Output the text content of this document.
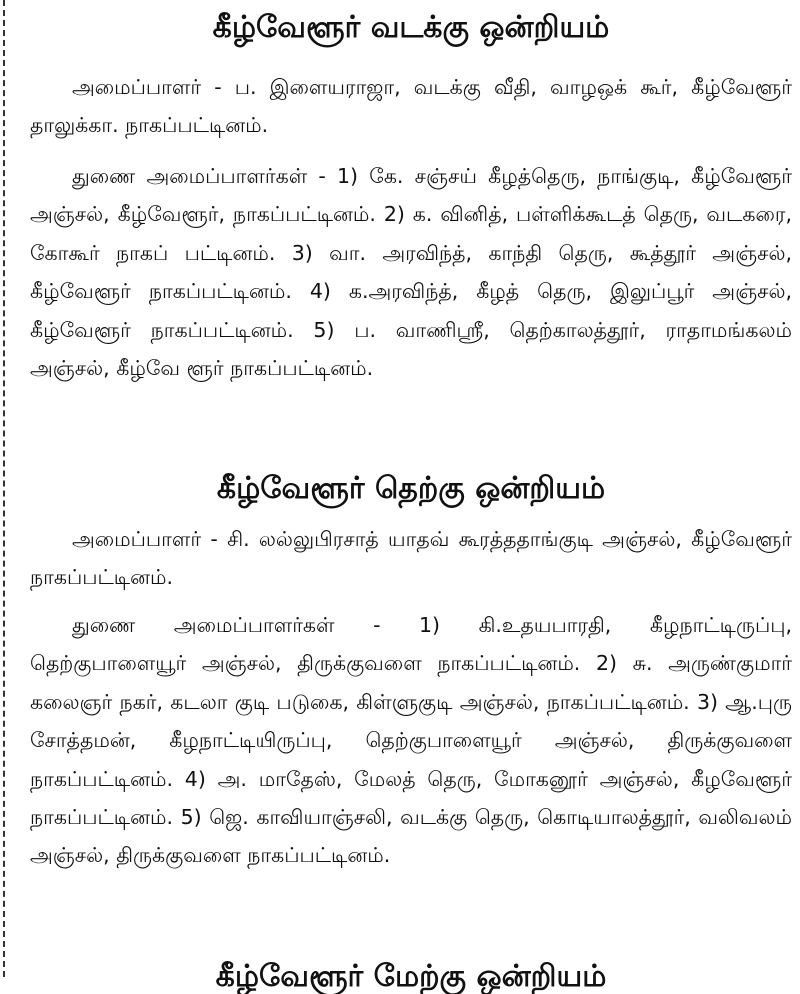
கீழ்வேளூர் வடக்கு ஒன்றியம்

அமைப்பாளர் - ப. இளையராஜா, வடக்கு வீதி, வாழஒக் கூர், கீழ்வேளூர் தாலுக்கா. நாகப்பட்டினம்.

துணை அமைப்பாளர்கள் - 1) கே. சஞ்சய் கீழத்தெரு, நாங்குடி, கீழ்வேளூர் அஞ்சல், கீழ்வேளூர், நாகப்பட்டினம். 2) க. வினித், பள்ளிக்கூடத் தெரு, வடகரை, கோகூர் நாகப் பட்டினம். 3) வா. அரவிந்த், காந்தி தெரு, கூத்தூர் அஞ்சல், கீழ்வேளூர் நாகப்பட்டினம். 4) க.அரவிந்த், கீழத் தெரு, இலுப்பூர் அஞ்சல், கீழ்வேளூர் நாகப்பட்டினம். 5) ப. வாணிஸ்ரீ, தெற்காலத்தூர், ராதாமங்கலம் அஞ்சல், கீழ்வே ளூர் நாகப்பட்டினம்.

கீழ்வேளூர் தெற்கு ஒன்றியம்

அமைப்பாளர் - சி. லல்லுபிரசாத் யாதவ் கூரத்ததாங்குடி அஞ்சல், கீழ்வேளூர் நாகப்பட்டினம்.

துணை அமைப்பாளர்கள் - 1) கி.உதயபாரதி, கீழநாட்டிருப்பு, தெற்குபாளையூர் அஞ்சல், திருக்குவளை நாகப்பட்டினம். 2) சு. அருண்குமார் கலைஞர் நகர், கடலா குடி படுகை, கிள்ளுகுடி அஞ்சல், நாகப்பட்டினம். 3) ஆ.புரு சோத்தமன், கீழநாட்டியிருப்பு, தெற்குபாளையூர் அஞ்சல், திருக்குவளை நாகப்பட்டினம். 4) அ. மாதேஸ், மேலத் தெரு, மோகனூர் அஞ்சல், கீழவேளூர் நாகப்பட்டினம். 5) ஜெ. காவியாஞ்சலி, வடக்கு தெரு, கொடியாலத்தூர், வலிவலம் அஞ்சல், திருக்குவளை நாகப்பட்டினம்.

கீழ்வேளூர் மேற்கு ஒன்றியம்
